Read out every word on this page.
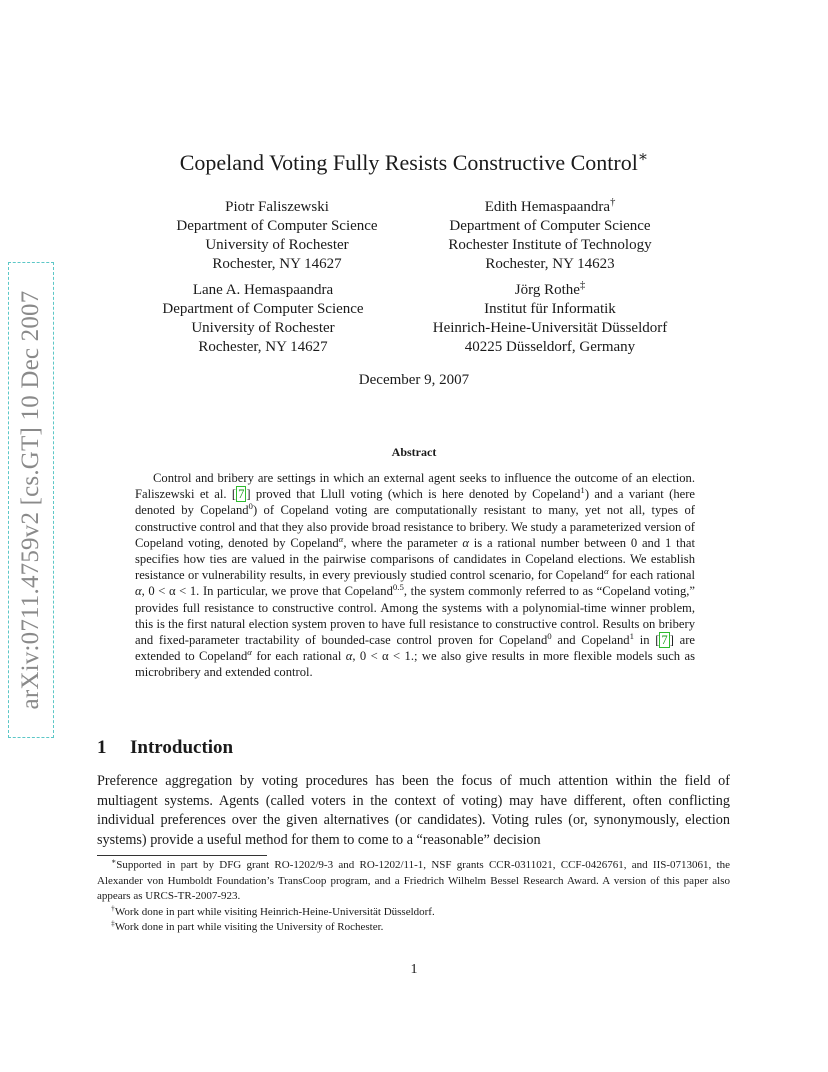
arXiv:0711.4759v2 [cs.GT] 10 Dec 2007
Copeland Voting Fully Resists Constructive Control∗
Piotr Faliszewski
Department of Computer Science
University of Rochester
Rochester, NY 14627
Edith Hemaspaandra†
Department of Computer Science
Rochester Institute of Technology
Rochester, NY 14623
Lane A. Hemaspaandra
Department of Computer Science
University of Rochester
Rochester, NY 14627
Jörg Rothe‡
Institut für Informatik
Heinrich-Heine-Universität Düsseldorf
40225 Düsseldorf, Germany
December 9, 2007
Abstract

Control and bribery are settings in which an external agent seeks to influence the outcome of an election. Faliszewski et al. [ 7 ] proved that Llull voting (which is here denoted by Copeland$^1$) and a variant (here denoted by Copeland$^0$) of Copeland voting are computationally resistant to many, yet not all, types of constructive control and that they also provide broad resistance to bribery. We study a parameterized version of Copeland voting, denoted by Copeland$^\alpha$, where the parameter α is a rational number between 0 and 1 that specifies how ties are valued in the pairwise comparisons of candidates in Copeland elections. We establish resistance or vulnerability results, in every previously studied control scenario, for Copeland$^\alpha$ for each rational α, 0 < α < 1. In particular, we prove that Copeland$^{0.5}$, the system commonly referred to as “Copeland voting,” provides full resistance to constructive control. Among the systems with a polynomial-time winner problem, this is the first natural election system proven to have full resistance to constructive control. Results on bribery and fixed-parameter tractability of bounded-case control proven for Copeland$^0$ and Copeland$^1$ in [ 7 ] are extended to Copeland$^\alpha$ for each rational α, 0 < α < 1.; we also give results in more flexible models such as microbribery and extended control.

1 Introduction

Preference aggregation by voting procedures has been the focus of much attention within the field of multiagent systems. Agents (called voters in the context of voting) may have different, often conflicting individual preferences over the given alternatives (or candidates). Voting rules (or, synonymously, election systems) provide a useful method for them to come to a “reasonable” decision

∗Supported in part by DFG grant RO-1202/9-3 and RO-1202/11-1, NSF grants CCR-0311021, CCF-0426761, and IIS-0713061, the Alexander von Humboldt Foundation’s TransCoop program, and a Friedrich Wilhelm Bessel Research Award. A version of this paper also appears as URCS-TR-2007-923.

†Work done in part while visiting Heinrich-Heine-Universität Düsseldorf.

‡Work done in part while visiting the University of Rochester.

1
